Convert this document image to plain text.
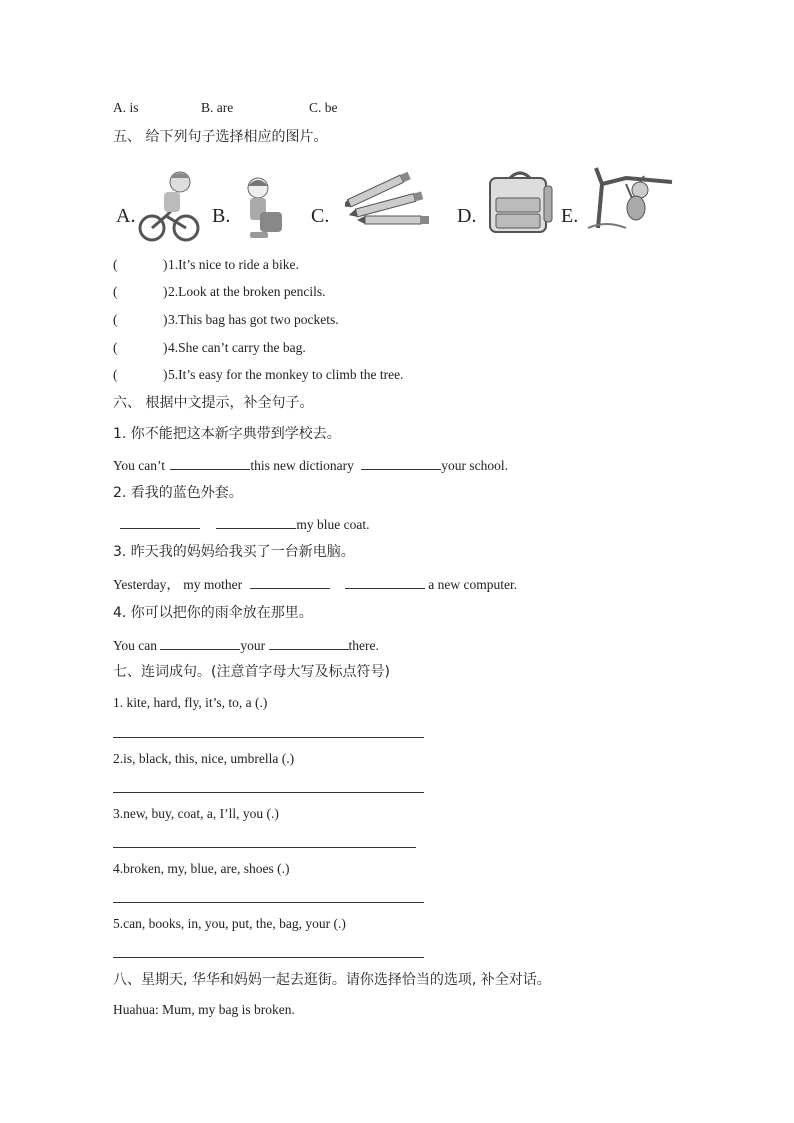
A. is	B. are	C. be
五、 给下列句子选择相应的图片。
A.	B.	C.	D.	E.
(	) 1.It’s nice to ride a bike.
(	) 2.Look at the broken pencils.
(	) 3.This bag has got two pockets.
(	) 4.She can’t carry the bag.
(	) 5.It’s easy for the monkey to climb the tree.
六、 根据中文提示，补全句子。
1. 你不能把这本新字典带到学校去。
You can’t	this new dictionary	your school.
2. 看我的蓝色外套。
my blue coat.
3. 昨天我的妈妈给我买了一台新电脑。
Yesterday， my mother	a new computer.
4. 你可以把你的雨伞放在那里。
You can	your	there.
七、连词成句。(注意首字母大写及标点符号)
1. kite, hard, fly, it’s, to, a (.)
2.is, black, this, nice, umbrella (.)
3.new, buy, coat, a, I’ll, you (.)
4.broken, my, blue, are, shoes (.)
5.can, books, in, you, put, the, bag, your (.)
八、星期天, 华华和妈妈一起去逛街。请你选择恰当的选项, 补全对话。
Huahua: Mum, my bag is broken.
